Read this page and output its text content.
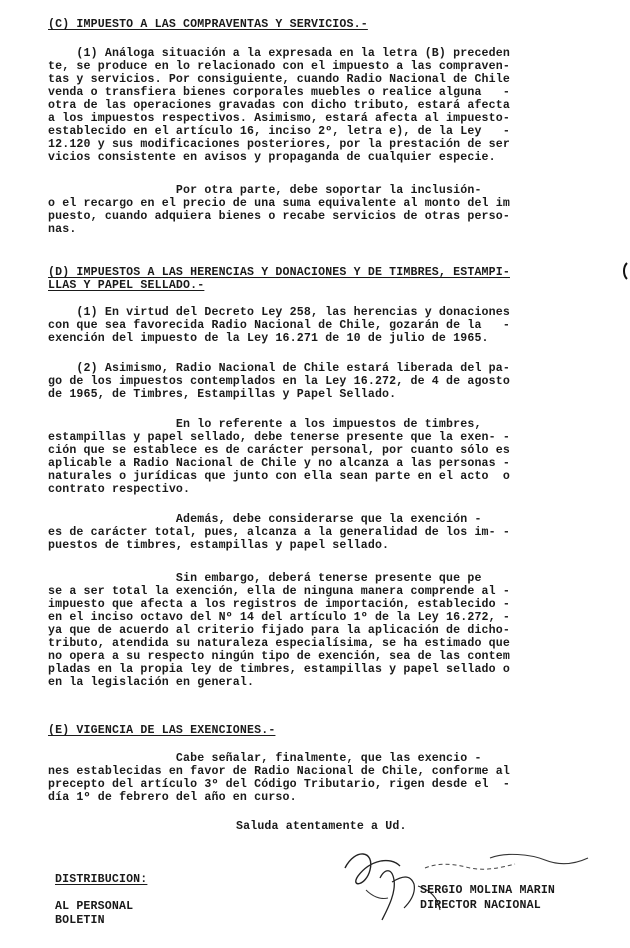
(C) IMPUESTO A LAS COMPRAVENTAS Y SERVICIOS.-
(1) Análoga situación a la expresada en la letra (B) preceden
te, se produce en lo relacionado con el impuesto a las compraven-
tas y servicios. Por consiguiente, cuando Radio Nacional de Chile
venda o transfiera bienes corporales muebles o realice alguna   -
otra de las operaciones gravadas con dicho tributo, estará afecta
a los impuestos respectivos. Asimismo, estará afecta al impuesto-
establecido en el artículo 16, inciso 2º, letra e), de la Ley   -
12.120 y sus modificaciones posteriores, por la prestación de ser
vicios consistente en avisos y propaganda de cualquier especie.
Por otra parte, debe soportar la inclusión-
o el recargo en el precio de una suma equivalente al monto del im
puesto, cuando adquiera bienes o recabe servicios de otras perso-
nas.
(D) IMPUESTOS A LAS HERENCIAS Y DONACIONES Y DE TIMBRES, ESTAMPI-
LLAS Y PAPEL SELLADO.-
(1) En virtud del Decreto Ley 258, las herencias y donaciones
con que sea favorecida Radio Nacional de Chile, gozarán de la   -
exención del impuesto de la Ley 16.271 de 10 de julio de 1965.
(2) Asimismo, Radio Nacional de Chile estará liberada del pa-
go de los impuestos contemplados en la Ley 16.272, de 4 de agosto
de 1965, de Timbres, Estampillas y Papel Sellado.
En lo referente a los impuestos de timbres,
estampillas y papel sellado, debe tenerse presente que la exen- -
ción que se establece es de carácter personal, por cuanto sólo es
aplicable a Radio Nacional de Chile y no alcanza a las personas -
naturales o jurídicas que junto con ella sean parte en el acto  o
contrato respectivo.
Además, debe considerarse que la exención -
es de carácter total, pues, alcanza a la generalidad de los im- -
puestos de timbres, estampillas y papel sellado.
Sin embargo, deberá tenerse presente que pe
se a ser total la exención, ella de ninguna manera comprende al -
impuesto que afecta a los registros de importación, establecido -
en el inciso octavo del Nº 14 del artículo 1º de la Ley 16.272, -
ya que de acuerdo al criterio fijado para la aplicación de dicho-
tributo, atendida su naturaleza especialísima, se ha estimado que
no opera a su respecto ningún tipo de exención, sea de las contem
pladas en la propia ley de timbres, estampillas y papel sellado o
en la legislación en general.
(E) VIGENCIA DE LAS EXENCIONES.-
Cabe señalar, finalmente, que las exencio -
nes establecidas en favor de Radio Nacional de Chile, conforme al
precepto del artículo 3º del Código Tributario, rigen desde el  -
día 1º de febrero del año en curso.
Saluda atentamente a Ud.
DISTRIBUCION:
AL PERSONAL
BOLETIN
SERGIO MOLINA MARIN
DIRECTOR NACIONAL
